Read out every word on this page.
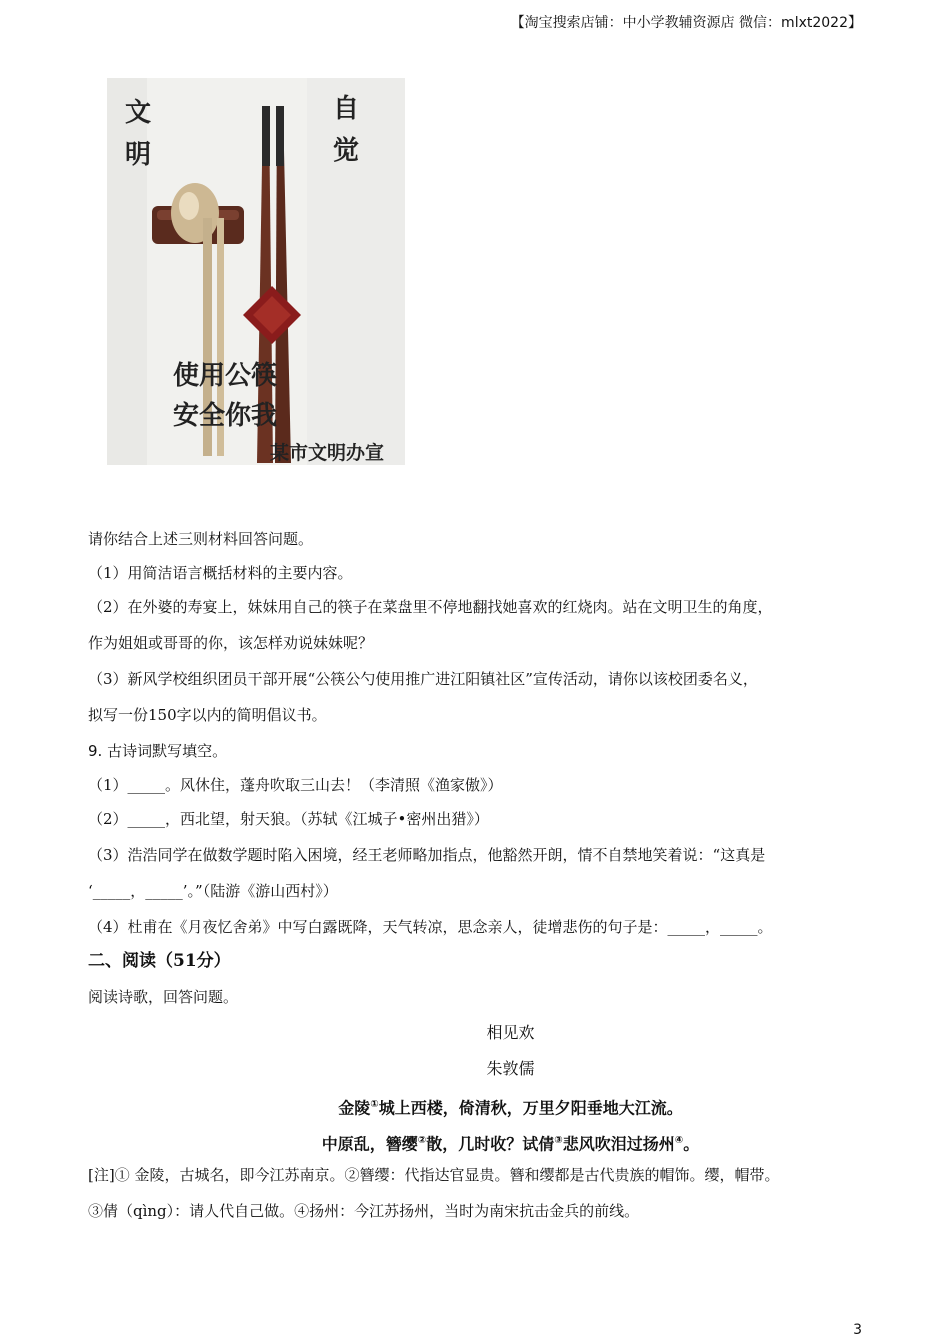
【淘宝搜索店铺：中小学教辅资源店 微信：mlxt2022】
文
明
自
觉
使用公筷
安全你我
某市文明办宣
请你结合上述三则材料回答问题。
（1）用简洁语言概括材料的主要内容。
（2）在外婆的寿宴上，妹妹用自己的筷子在菜盘里不停地翻找她喜欢的红烧肉。站在文明卫生的角度，
作为姐姐或哥哥的你，该怎样劝说妹妹呢？
（3）新风学校组织团员干部开展“公筷公勺使用推广进江阳镇社区”宣传活动，请你以该校团委名义，
拟写一份150字以内的简明倡议书。
9. 古诗词默写填空。
（1）_____。风休住，蓬舟吹取三山去！（李清照《渔家傲》）
（2）_____，西北望，射天狼。（苏轼《江城子•密州出猎》）
（3）浩浩同学在做数学题时陷入困境，经王老师略加指点，他豁然开朗，情不自禁地笑着说：“这真是
‘_____，_____’。”（陆游《游山西村》）
（4）杜甫在《月夜忆舍弟》中写白露既降，天气转凉，思念亲人，徒增悲伤的句子是：_____，_____。
二、阅读（51分）
阅读诗歌，回答问题。
相见欢
朱敦儒
金陵①城上西楼，倚清秋，万里夕阳垂地大江流。
中原乱，簪缨②散，几时收？试倩③悲风吹泪过扬州④。
[注]① 金陵，古城名，即今江苏南京。②簪缨：代指达官显贵。簪和缨都是古代贵族的帽饰。缨，帽带。
③倩（qìng）：请人代自己做。④扬州：今江苏扬州，当时为南宋抗击金兵的前线。
3
